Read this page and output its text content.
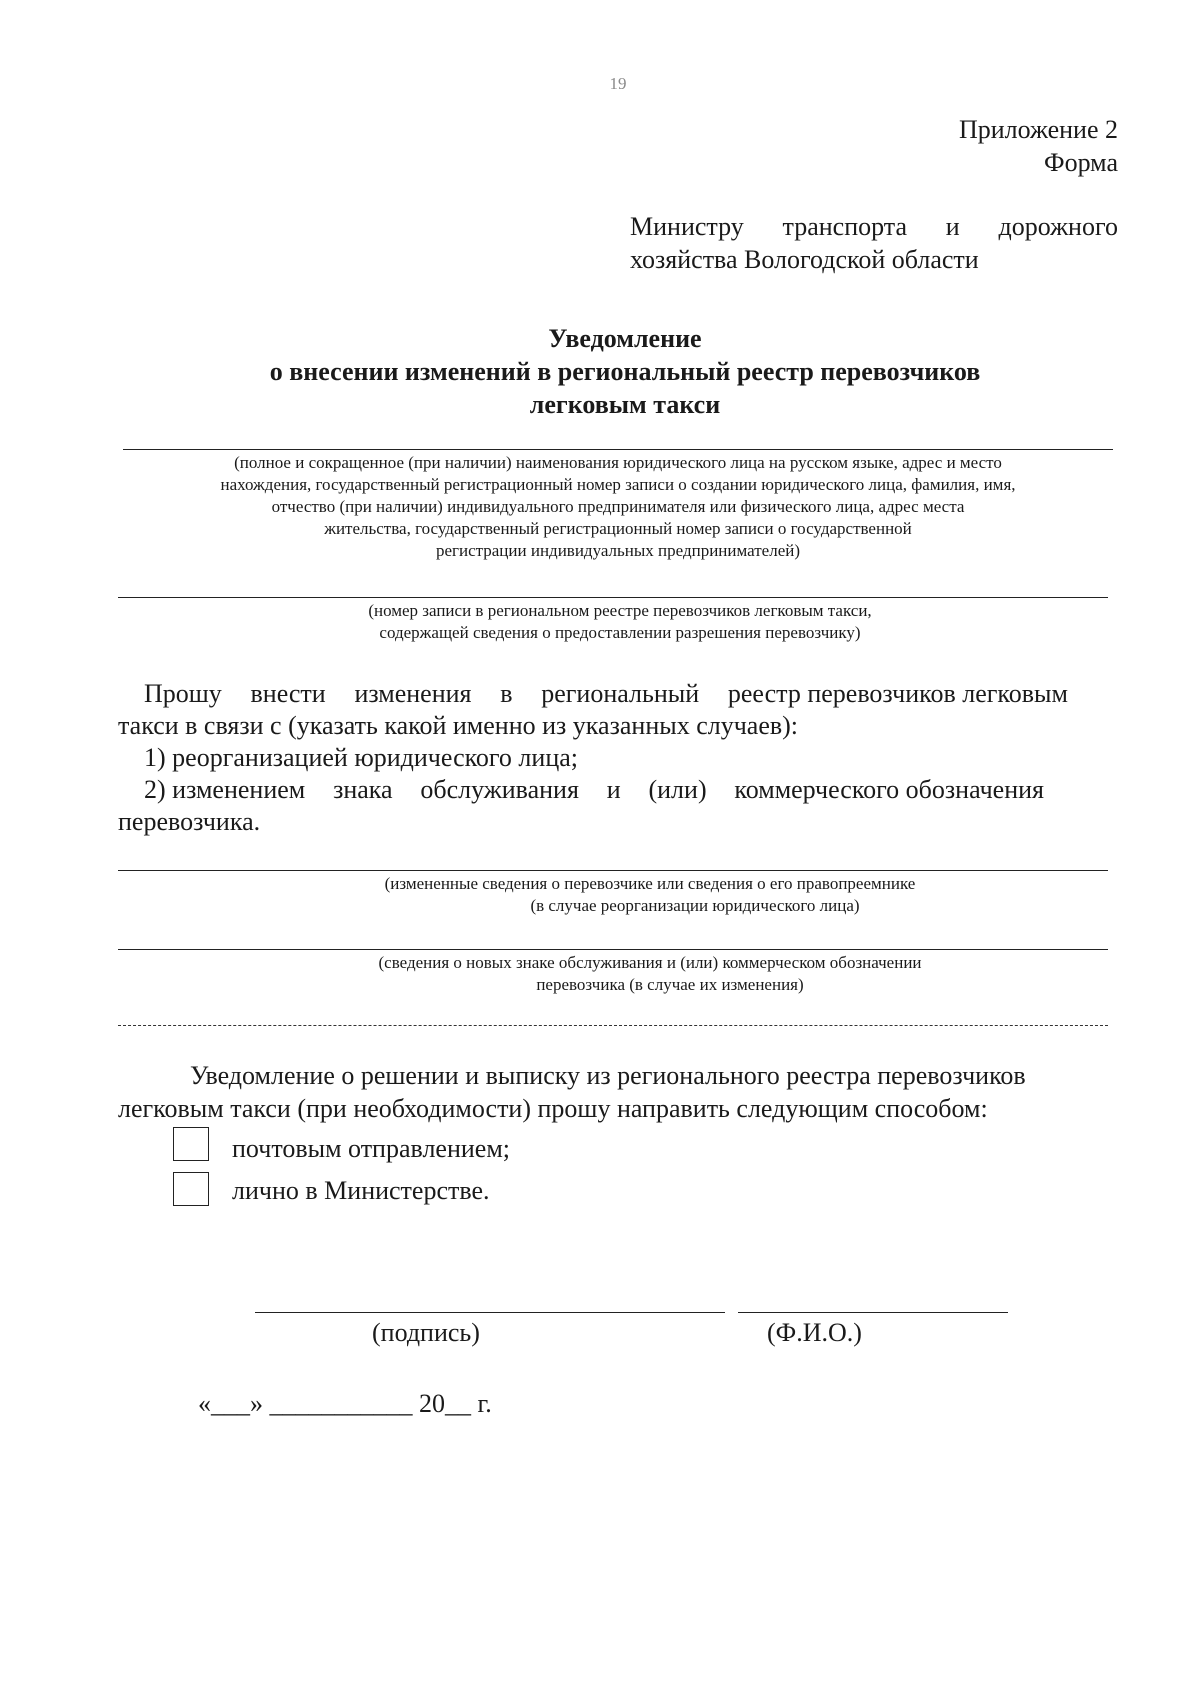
19
Приложение 2
Форма
Министру транспорта и дорожного
хозяйства Вологодской области
Уведомление
о внесении изменений в региональный реестр перевозчиков
легковым такси
(полное и сокращенное (при наличии) наименования юридического лица на русском языке, адрес и место
нахождения, государственный регистрационный номер записи о создании юридического лица, фамилия, имя,
отчество (при наличии) индивидуального предпринимателя или физического лица, адрес места
жительства, государственный регистрационный номер записи о государственной
регистрации индивидуальных предпринимателей)
(номер записи в региональном реестре перевозчиков легковым такси,
содержащей сведения о предоставлении разрешения перевозчику)
Прошу внести изменения в региональный реестр перевозчиков легковым
такси в связи с (указать какой именно из указанных случаев):
1) реорганизацией юридического лица;
2) изменением знака обслуживания и (или) коммерческого обозначения
перевозчика.
(измененные сведения о перевозчике или сведения о его правопреемнике
(в случае реорганизации юридического лица)
(сведения о новых знаке обслуживания и (или) коммерческом обозначении
перевозчика (в случае их изменения)
Уведомление о решении и выписку из регионального реестра перевозчиков
легковым такси (при необходимости) прошу направить следующим способом:
почтовым отправлением;
лично в Министерстве.
(подпись)	(Ф.И.О.)
«___» ___________ 20__ г.
